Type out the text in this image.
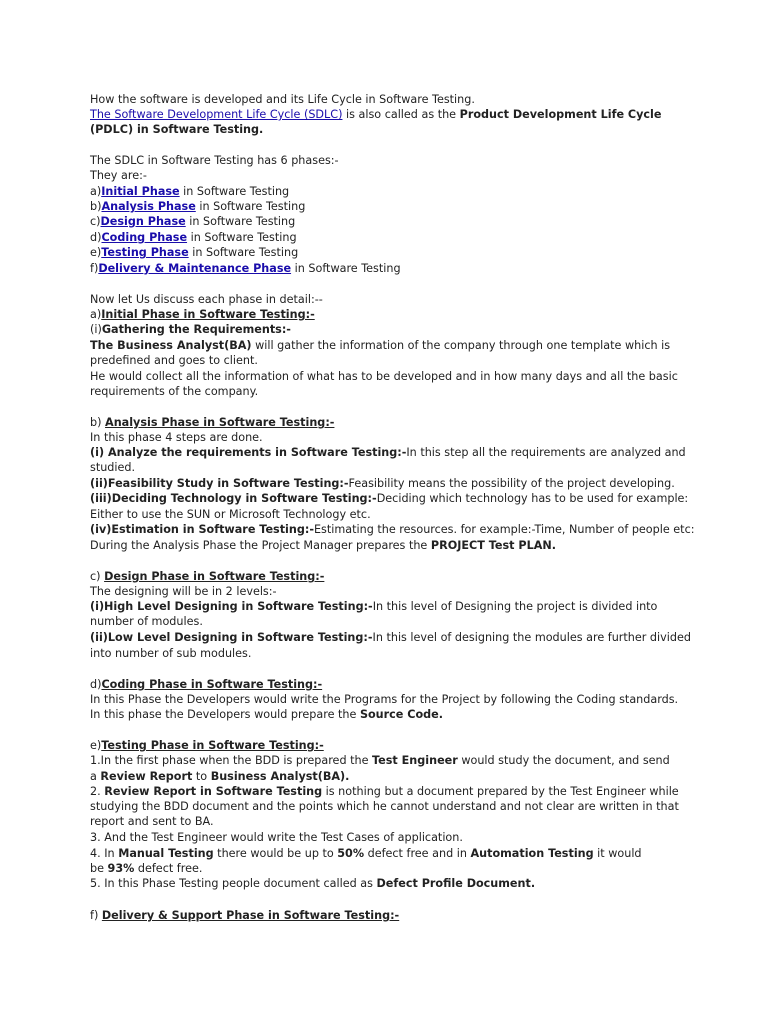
How the software is developed and its Life Cycle in Software Testing.
The Software Development Life Cycle (SDLC) is also called as the Product Development Life Cycle
(PDLC) in Software Testing.
The SDLC in Software Testing has 6 phases:-
They are:-
a)Initial Phase in Software Testing
b)Analysis Phase in Software Testing
c)Design Phase in Software Testing
d)Coding Phase in Software Testing
e)Testing Phase in Software Testing
f)Delivery & Maintenance Phase in Software Testing
Now let Us discuss each phase in detail:--
a)Initial Phase in Software Testing:-
(i)Gathering the Requirements:-
The Business Analyst(BA) will gather the information of the company through one template which is
predefined and goes to client.
He would collect all the information of what has to be developed and in how many days and all the basic
requirements of the company.
b) Analysis Phase in Software Testing:-
In this phase 4 steps are done.
(i) Analyze the requirements in Software Testing:-In this step all the requirements are analyzed and
studied.
(ii)Feasibility Study in Software Testing:-Feasibility means the possibility of the project developing.
(iii)Deciding Technology in Software Testing:-Deciding which technology has to be used for example:
Either to use the SUN or Microsoft Technology etc.
(iv)Estimation in Software Testing:-Estimating the resources. for example:-Time, Number of people etc:
During the Analysis Phase the Project Manager prepares the PROJECT Test PLAN.
c) Design Phase in Software Testing:-
The designing will be in 2 levels:-
(i)High Level Designing in Software Testing:-In this level of Designing the project is divided into
number of modules.
(ii)Low Level Designing in Software Testing:-In this level of designing the modules are further divided
into number of sub modules.
d)Coding Phase in Software Testing:-
In this Phase the Developers would write the Programs for the Project by following the Coding standards.
In this phase the Developers would prepare the Source Code.
e)Testing Phase in Software Testing:-
1.In the first phase when the BDD is prepared the Test Engineer would study the document, and send
a Review Report to Business Analyst(BA).
2. Review Report in Software Testing is nothing but a document prepared by the Test Engineer while
studying the BDD document and the points which he cannot understand and not clear are written in that
report and sent to BA.
3. And the Test Engineer would write the Test Cases of application.
4. In Manual Testing there would be up to 50% defect free and in Automation Testing it would
be 93% defect free.
5. In this Phase Testing people document called as Defect Profile Document.
f) Delivery & Support Phase in Software Testing:-
